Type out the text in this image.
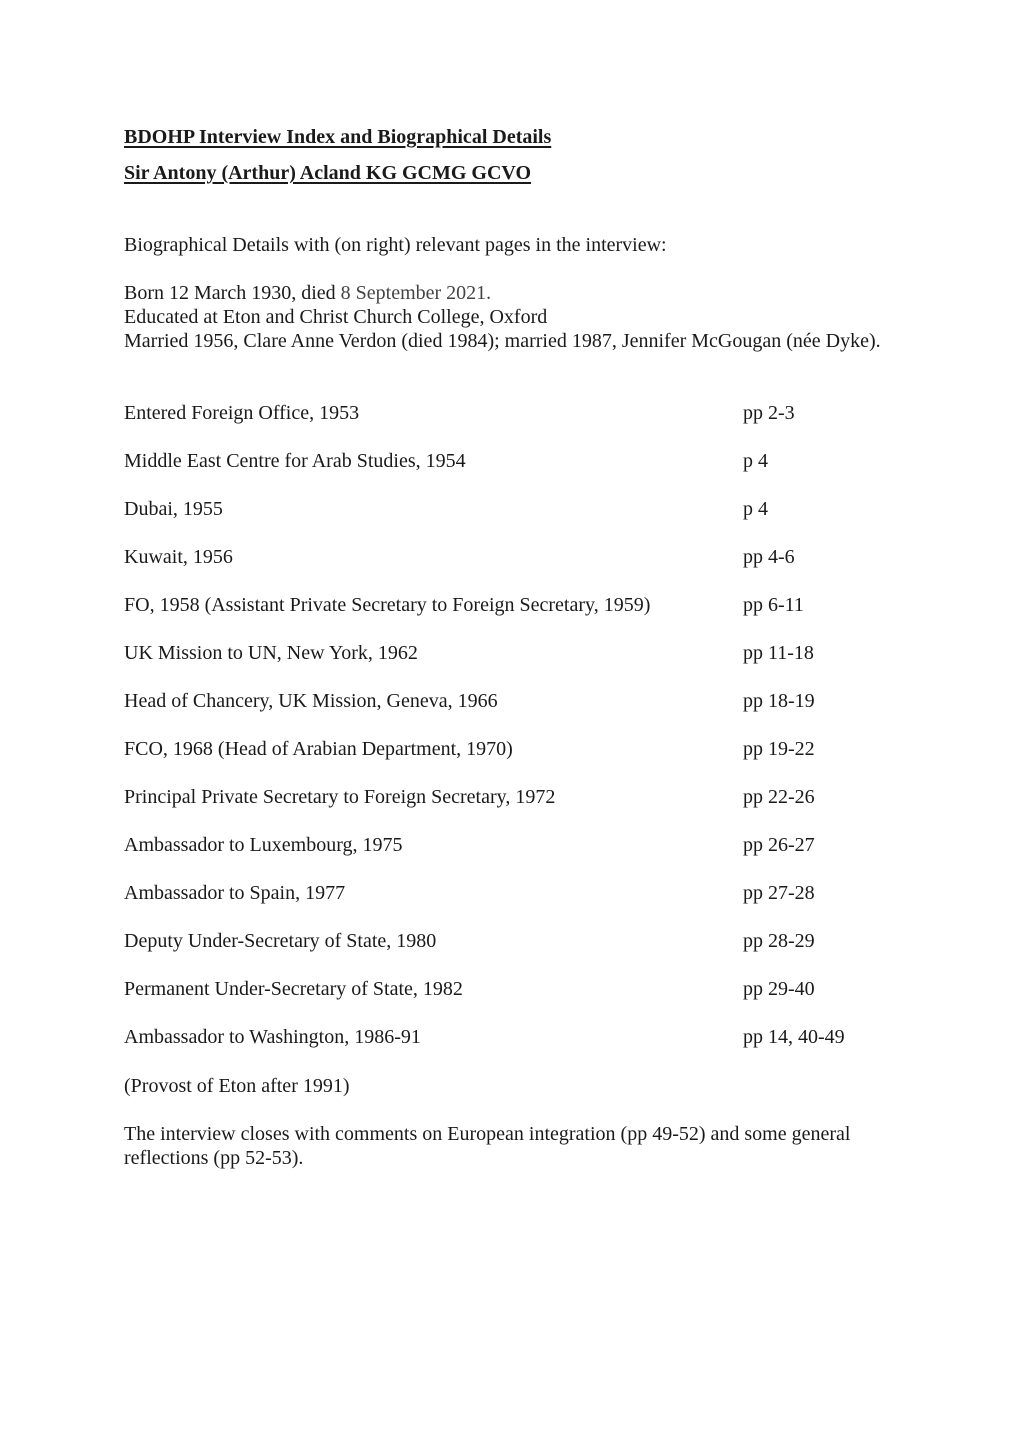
BDOHP Interview Index and Biographical Details
Sir Antony (Arthur) Acland KG GCMG GCVO
Biographical Details with (on right) relevant pages in the interview:
Born 12 March 1930, died 8 September 2021.
Educated at Eton and Christ Church College, Oxford
Married 1956, Clare Anne Verdon (died 1984); married 1987, Jennifer McGougan (née Dyke).
Entered Foreign Office, 1953	pp 2-3
Middle East Centre for Arab Studies, 1954	p 4
Dubai, 1955	p 4
Kuwait, 1956	pp 4-6
FO, 1958 (Assistant Private Secretary to Foreign Secretary, 1959)	pp 6-11
UK Mission to UN, New York, 1962	pp 11-18
Head of Chancery, UK Mission, Geneva, 1966	pp 18-19
FCO, 1968 (Head of Arabian Department, 1970)	pp 19-22
Principal Private Secretary to Foreign Secretary, 1972	pp 22-26
Ambassador to Luxembourg, 1975	pp 26-27
Ambassador to Spain, 1977	pp 27-28
Deputy Under-Secretary of State, 1980	pp 28-29
Permanent Under-Secretary of State, 1982	pp 29-40
Ambassador to Washington, 1986-91	pp 14, 40-49
(Provost of Eton after 1991)
The interview closes with comments on European integration (pp 49-52) and some general reflections (pp 52-53).
